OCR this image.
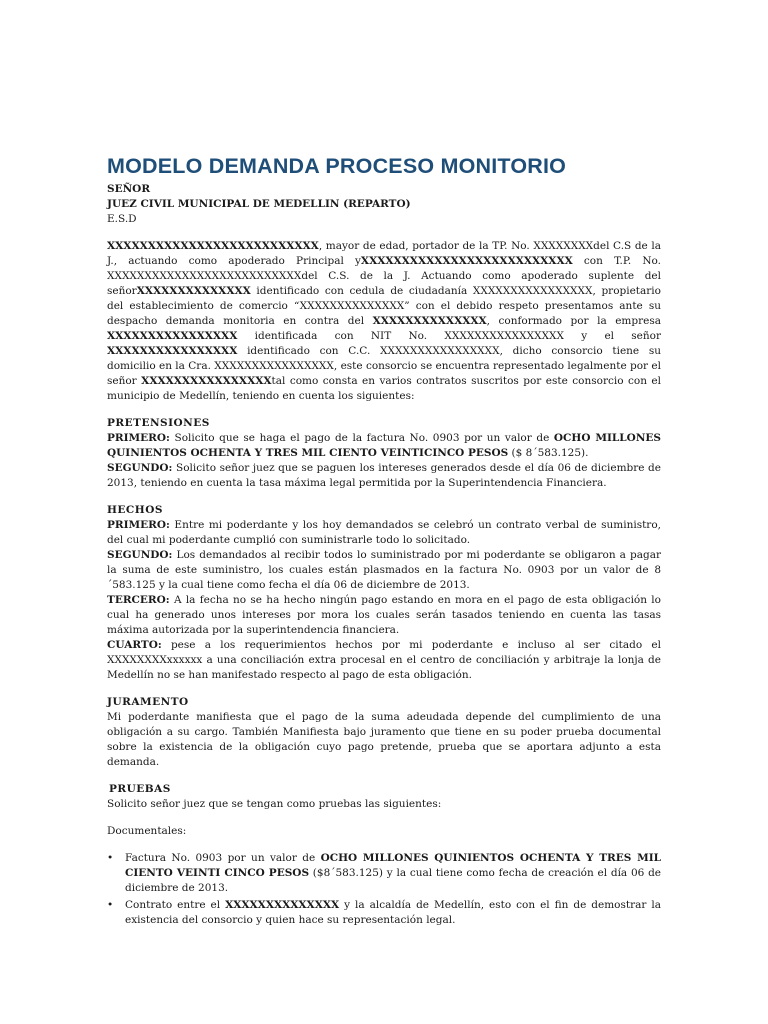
MODELO DEMANDA PROCESO MONITORIO

SEÑOR

JUEZ CIVIL MUNICIPAL DE MEDELLIN (REPARTO)

E.S.D

XXXXXXXXXXXXXXXXXXXXXXXXXX, mayor de edad, portador de la TP. No. XXXXXXXXdel C.S de la J., actuando como apoderado Principal yXXXXXXXXXXXXXXXXXXXXXXXXXX con T.P. No. XXXXXXXXXXXXXXXXXXXXXXXXXXdel C.S. de la J. Actuando como apoderado suplente del señorXXXXXXXXXXXXXX identificado con cedula de ciudadanía XXXXXXXXXXXXXXXX, propietario del establecimiento de comercio “XXXXXXXXXXXXXX” con el debido respeto presentamos ante su despacho demanda monitoria en contra del XXXXXXXXXXXXXX, conformado por la empresa XXXXXXXXXXXXXXXX identificada con NIT No. XXXXXXXXXXXXXXXX y el señor XXXXXXXXXXXXXXXX identificado con C.C. XXXXXXXXXXXXXXXX, dicho consorcio tiene su domicilio en la Cra. XXXXXXXXXXXXXXXX, este consorcio se encuentra representado legalmente por el señor XXXXXXXXXXXXXXXXtal como consta en varios contratos suscritos por este consorcio con el municipio de Medellín, teniendo en cuenta los siguientes:

PRETENSIONES

PRIMERO: Solicito que se haga el pago de la factura No. 0903 por un valor de OCHO MILLONES QUINIENTOS OCHENTA Y TRES MIL CIENTO VEINTICINCO PESOS ($ 8´583.125).

SEGUNDO: Solicito señor juez que se paguen los intereses generados desde el día 06 de diciembre de 2013, teniendo en cuenta la tasa máxima legal permitida por la Superintendencia Financiera.

HECHOS

PRIMERO: Entre mi poderdante y los hoy demandados se celebró un contrato verbal de suministro, del cual mi poderdante cumplió con suministrarle todo lo solicitado.

SEGUNDO: Los demandados al recibir todos lo suministrado por mi poderdante se obligaron a pagar la suma de este suministro, los cuales están plasmados en la factura No. 0903 por un valor de 8´583.125 y la cual tiene como fecha el día 06 de diciembre de 2013.

TERCERO: A la fecha no se ha hecho ningún pago estando en mora en el pago de esta obligación lo cual ha generado unos intereses por mora los cuales serán tasados teniendo en cuenta las tasas máxima autorizada por la superintendencia financiera.

CUARTO: pese a los requerimientos hechos por mi poderdante e incluso al ser citado el XXXXXXXXxxxxxx a una conciliación extra procesal en el centro de conciliación y arbitraje la lonja de Medellín no se han manifestado respecto al pago de esta obligación.

JURAMENTO

Mi poderdante manifiesta que el pago de la suma adeudada depende del cumplimiento de una obligación a su cargo. También Manifiesta bajo juramento que tiene en su poder prueba documental sobre la existencia de la obligación cuyo pago pretende, prueba que se aportara adjunto a esta demanda.

PRUEBAS

Solicito señor juez que se tengan como pruebas las siguientes:

Documentales:

• Factura No. 0903 por un valor de OCHO MILLONES QUINIENTOS OCHENTA Y TRES MIL CIENTO VEINTI CINCO PESOS ($8´583.125) y la cual tiene como fecha de creación el día 06 de diciembre de 2013.
• Contrato entre el XXXXXXXXXXXXXX y la alcaldía de Medellín, esto con el fin de demostrar la existencia del consorcio y quien hace su representación legal.
